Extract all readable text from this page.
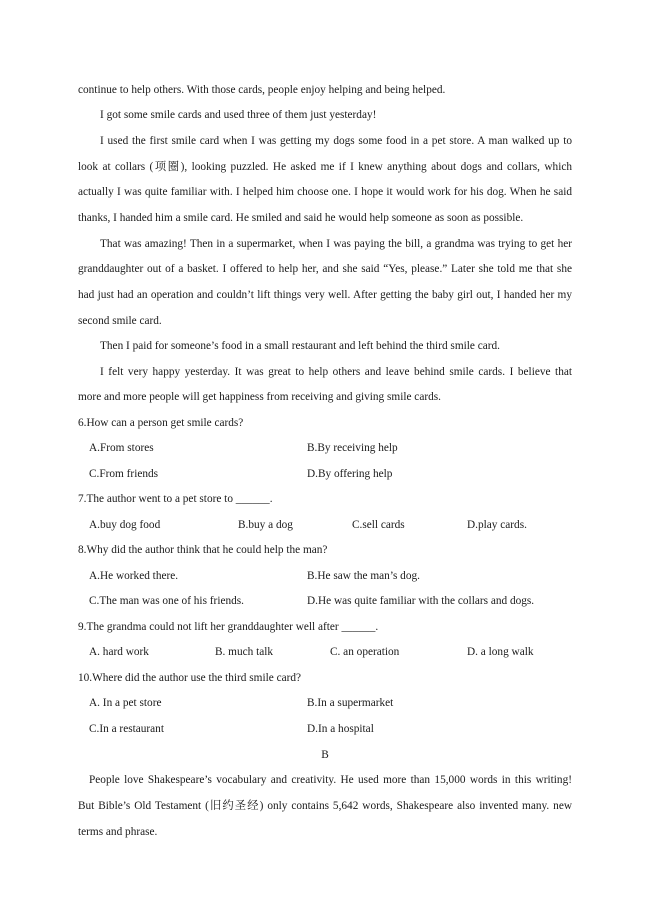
continue to help others. With those cards, people enjoy helping and being helped.
I got some smile cards and used three of them just yesterday!
I used the first smile card when I was getting my dogs some food in a pet store. A man walked up to
look at collars (项圈), looking puzzled. He asked me if I knew anything about dogs and collars, which
actually I was quite familiar with. I helped him choose one. I hope it would work for his dog. When he said
thanks, I handed him a smile card. He smiled and said he would help someone as soon as possible.
That was amazing! Then in a supermarket, when I was paying the bill, a grandma was trying to get her
granddaughter out of a basket. I offered to help her, and she said “Yes, please.” Later she told me that she
had just had an operation and couldn’t lift things very well. After getting the baby girl out, I handed her my
second smile card.
Then I paid for someone’s food in a small restaurant and left behind the third smile card.
I felt very happy yesterday. It was great to help others and leave behind smile cards. I believe that
more and more people will get happiness from receiving and giving smile cards.
6.How can a person get smile cards?
A.From stores	B.By receiving help
C.From friends	D.By offering help
7.The author went to a pet store to ______.
A.buy dog food	B.buy a dog	C.sell cards	D.play cards.
8.Why did the author think that he could help the man?
A.He worked there.	B.He saw the man’s dog.
C.The man was one of his friends.	D.He was quite familiar with the collars and dogs.
9.The grandma could not lift her granddaughter well after ______.
A. hard work	B. much talk	C. an operation	D. a long walk
10.Where did the author use the third smile card?
A. In a pet store	B.In a supermarket
C.In a restaurant	D.In a hospital
B
People love Shakespeare’s vocabulary and creativity. He used more than 15,000 words in this writing!
But Bible’s Old Testament (旧约圣经) only contains 5,642 words, Shakespeare also invented many. new
terms and phrase.
